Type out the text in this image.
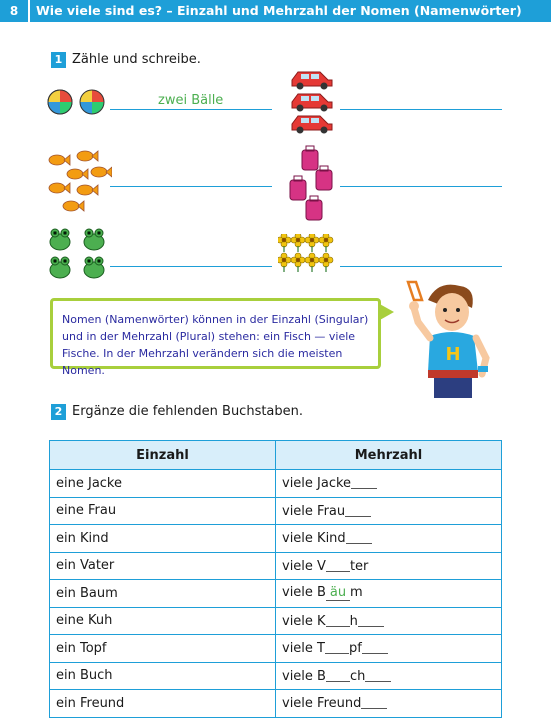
8	Wie viele sind es? – Einzahl und Mehrzahl der Nomen (Namenwörter)
1 Zähle und schreibe.
zwei Bälle
Nomen (Namenwörter) können in der Einzahl (Singular)
und in der Mehrzahl (Plural) stehen: ein Fisch — viele
Fische. In der Mehrzahl verändern sich die meisten Nomen.
H
2 Ergänze die fehlenden Buchstaben.
Einzahl	Mehrzahl
eine Jacke	viele Jacke
eine Frau	viele Frau
ein Kind	viele Kind
ein Vater	viele V ter
ein Baum	viele B äu m
eine Kuh	viele K h
ein Topf	viele T pf
ein Buch	viele B ch
ein Freund	viele Freund
